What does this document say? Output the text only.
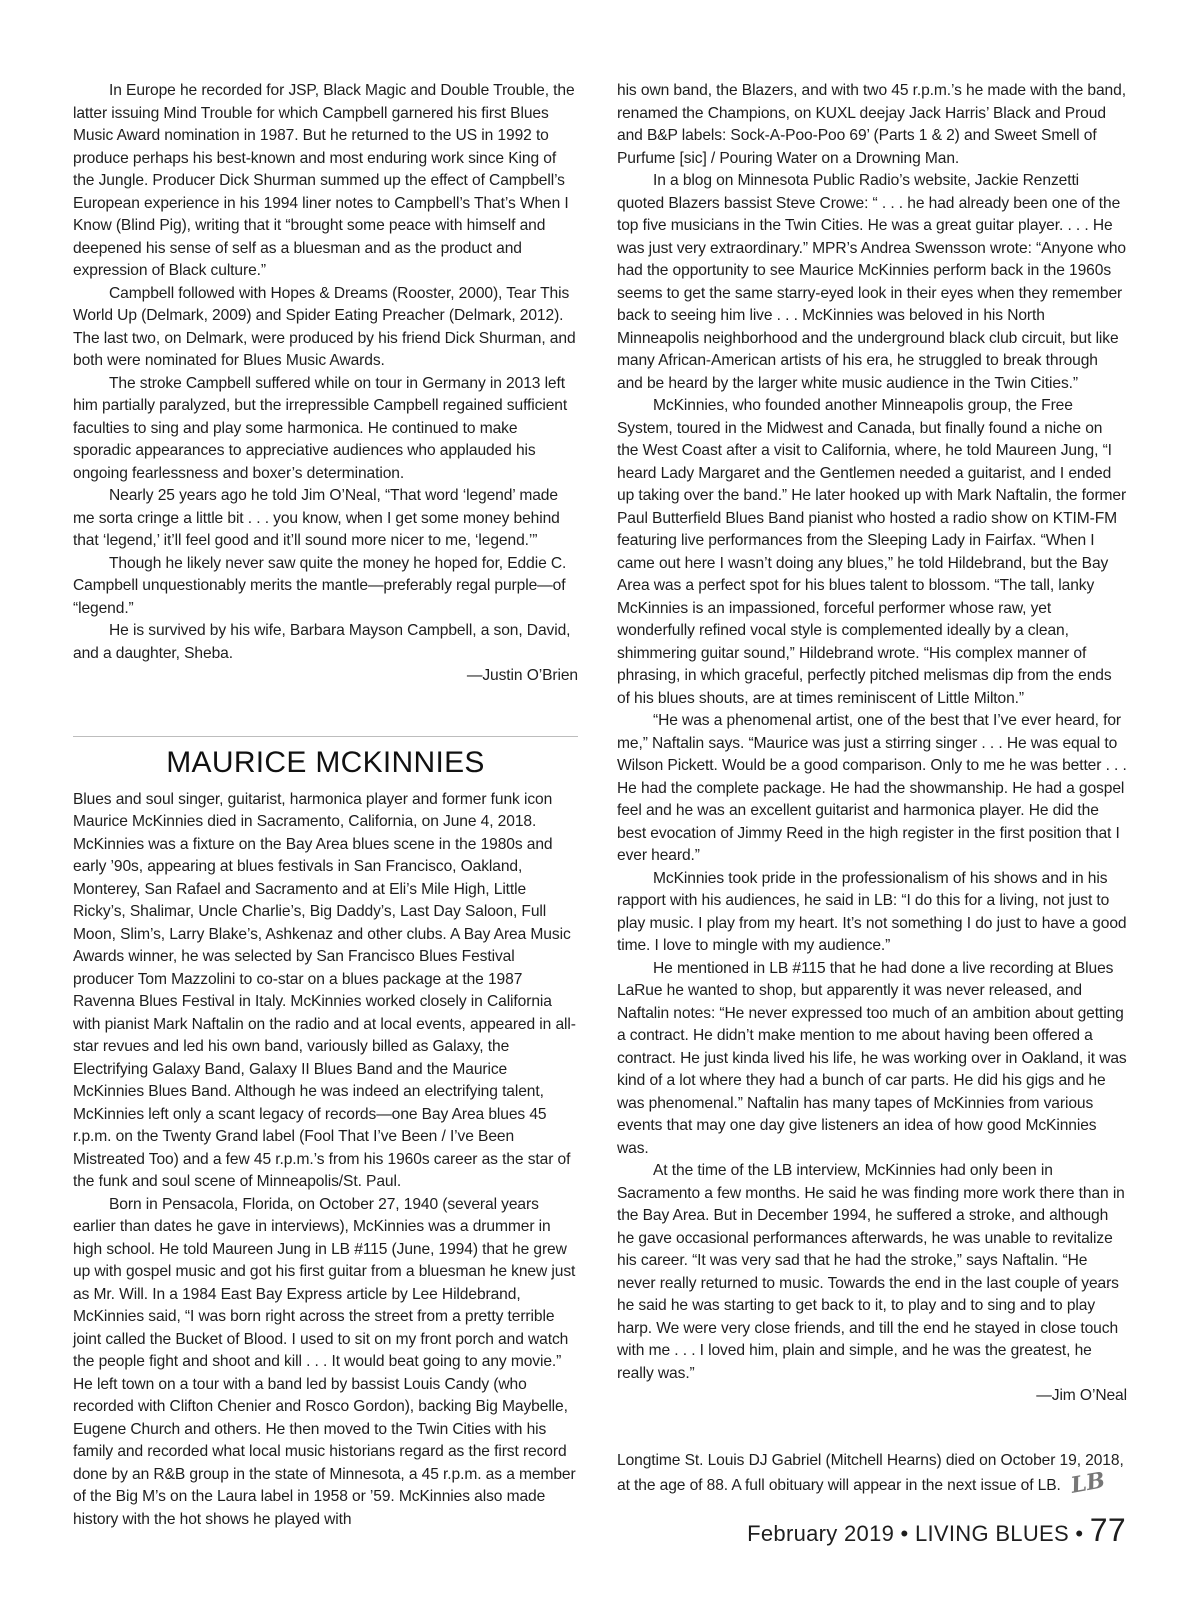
In Europe he recorded for JSP, Black Magic and Double Trouble, the latter issuing Mind Trouble for which Campbell garnered his first Blues Music Award nomination in 1987. But he returned to the US in 1992 to produce perhaps his best-known and most enduring work since King of the Jungle. Producer Dick Shurman summed up the effect of Campbell’s European experience in his 1994 liner notes to Campbell’s That’s When I Know (Blind Pig), writing that it “brought some peace with himself and deepened his sense of self as a bluesman and as the product and expression of Black culture.”

Campbell followed with Hopes & Dreams (Rooster, 2000), Tear This World Up (Delmark, 2009) and Spider Eating Preacher (Delmark, 2012). The last two, on Delmark, were produced by his friend Dick Shurman, and both were nominated for Blues Music Awards.

The stroke Campbell suffered while on tour in Germany in 2013 left him partially paralyzed, but the irrepressible Campbell regained sufficient faculties to sing and play some harmonica. He continued to make sporadic appearances to appreciative audiences who applauded his ongoing fearlessness and boxer’s determination.

Nearly 25 years ago he told Jim O’Neal, “That word ‘legend’ made me sorta cringe a little bit . . . you know, when I get some money behind that ‘legend,’ it’ll feel good and it’ll sound more nicer to me, ‘legend.’”

Though he likely never saw quite the money he hoped for, Eddie C. Campbell unquestionably merits the mantle—preferably regal purple—of “legend.”

He is survived by his wife, Barbara Mayson Campbell, a son, David, and a daughter, Sheba.

—Justin O’Brien

MAURICE MCKINNIES

Blues and soul singer, guitarist, harmonica player and former funk icon Maurice McKinnies died in Sacramento, California, on June 4, 2018. McKinnies was a fixture on the Bay Area blues scene in the 1980s and early ’90s, appearing at blues festivals in San Francisco, Oakland, Monterey, San Rafael and Sacramento and at Eli’s Mile High, Little Ricky’s, Shalimar, Uncle Charlie’s, Big Daddy’s, Last Day Saloon, Full Moon, Slim’s, Larry Blake’s, Ashkenaz and other clubs. A Bay Area Music Awards winner, he was selected by San Francisco Blues Festival producer Tom Mazzolini to co-star on a blues package at the 1987 Ravenna Blues Festival in Italy. McKinnies worked closely in California with pianist Mark Naftalin on the radio and at local events, appeared in all-star revues and led his own band, variously billed as Galaxy, the Electrifying Galaxy Band, Galaxy II Blues Band and the Maurice McKinnies Blues Band. Although he was indeed an electrifying talent, McKinnies left only a scant legacy of records—one Bay Area blues 45 r.p.m. on the Twenty Grand label (Fool That I’ve Been / I’ve Been Mistreated Too) and a few 45 r.p.m.’s from his 1960s career as the star of the funk and soul scene of Minneapolis/St. Paul.

Born in Pensacola, Florida, on October 27, 1940 (several years earlier than dates he gave in interviews), McKinnies was a drummer in high school. He told Maureen Jung in LB #115 (June, 1994) that he grew up with gospel music and got his first guitar from a bluesman he knew just as Mr. Will. In a 1984 East Bay Express article by Lee Hildebrand, McKinnies said, “I was born right across the street from a pretty terrible joint called the Bucket of Blood. I used to sit on my front porch and watch the people fight and shoot and kill . . . It would beat going to any movie.” He left town on a tour with a band led by bassist Louis Candy (who recorded with Clifton Chenier and Rosco Gordon), backing Big Maybelle, Eugene Church and others. He then moved to the Twin Cities with his family and recorded what local music historians regard as the first record done by an R&B group in the state of Minnesota, a 45 r.p.m. as a member of the Big M’s on the Laura label in 1958 or ’59. McKinnies also made history with the hot shows he played with

his own band, the Blazers, and with two 45 r.p.m.’s he made with the band, renamed the Champions, on KUXL deejay Jack Harris’ Black and Proud and B&P labels: Sock-A-Poo-Poo 69’ (Parts 1 & 2) and Sweet Smell of Purfume [sic] / Pouring Water on a Drowning Man.

In a blog on Minnesota Public Radio’s website, Jackie Renzetti quoted Blazers bassist Steve Crowe: “ . . . he had already been one of the top five musicians in the Twin Cities. He was a great guitar player. . . . He was just very extraordinary.” MPR’s Andrea Swensson wrote: “Anyone who had the opportunity to see Maurice McKinnies perform back in the 1960s seems to get the same starry-eyed look in their eyes when they remember back to seeing him live . . . McKinnies was beloved in his North Minneapolis neighborhood and the underground black club circuit, but like many African-American artists of his era, he struggled to break through and be heard by the larger white music audience in the Twin Cities.”

McKinnies, who founded another Minneapolis group, the Free System, toured in the Midwest and Canada, but finally found a niche on the West Coast after a visit to California, where, he told Maureen Jung, “I heard Lady Margaret and the Gentlemen needed a guitarist, and I ended up taking over the band.” He later hooked up with Mark Naftalin, the former Paul Butterfield Blues Band pianist who hosted a radio show on KTIM-FM featuring live performances from the Sleeping Lady in Fairfax. “When I came out here I wasn’t doing any blues,” he told Hildebrand, but the Bay Area was a perfect spot for his blues talent to blossom. “The tall, lanky McKinnies is an impassioned, forceful performer whose raw, yet wonderfully refined vocal style is complemented ideally by a clean, shimmering guitar sound,” Hildebrand wrote. “His complex manner of phrasing, in which graceful, perfectly pitched melismas dip from the ends of his blues shouts, are at times reminiscent of Little Milton.”

“He was a phenomenal artist, one of the best that I’ve ever heard, for me,” Naftalin says. “Maurice was just a stirring singer . . . He was equal to Wilson Pickett. Would be a good comparison. Only to me he was better . . . He had the complete package. He had the showmanship. He had a gospel feel and he was an excellent guitarist and harmonica player. He did the best evocation of Jimmy Reed in the high register in the first position that I ever heard.”

McKinnies took pride in the professionalism of his shows and in his rapport with his audiences, he said in LB: “I do this for a living, not just to play music. I play from my heart. It’s not something I do just to have a good time. I love to mingle with my audience.”

He mentioned in LB #115 that he had done a live recording at Blues LaRue he wanted to shop, but apparently it was never released, and Naftalin notes: “He never expressed too much of an ambition about getting a contract. He didn’t make mention to me about having been offered a contract. He just kinda lived his life, he was working over in Oakland, it was kind of a lot where they had a bunch of car parts. He did his gigs and he was phenomenal.” Naftalin has many tapes of McKinnies from various events that may one day give listeners an idea of how good McKinnies was.

At the time of the LB interview, McKinnies had only been in Sacramento a few months. He said he was finding more work there than in the Bay Area. But in December 1994, he suffered a stroke, and although he gave occasional performances afterwards, he was unable to revitalize his career. “It was very sad that he had the stroke,” says Naftalin. “He never really returned to music. Towards the end in the last couple of years he said he was starting to get back to it, to play and to sing and to play harp. We were very close friends, and till the end he stayed in close touch with me . . . I loved him, plain and simple, and he was the greatest, he really was.”

—Jim O’Neal

Longtime St. Louis DJ Gabriel (Mitchell Hearns) died on October 19, 2018, at the age of 88. A full obituary will appear in the next issue of LB. LB

February 2019 • LIVING BLUES • 77
